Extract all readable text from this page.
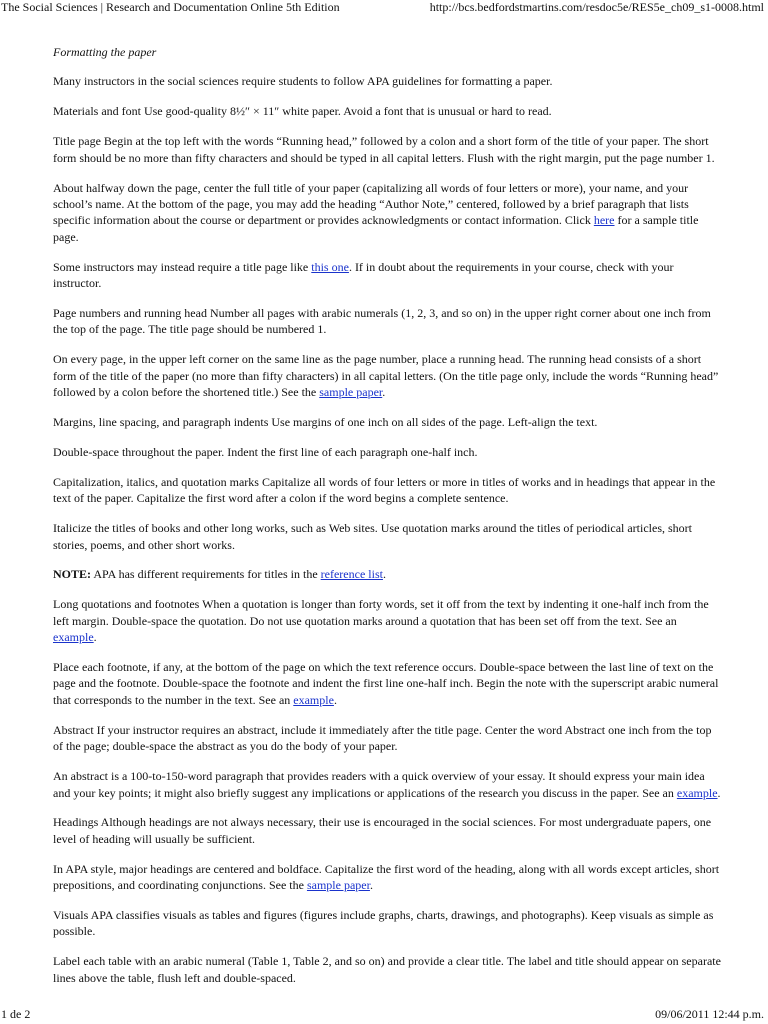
The Social Sciences | Research and Documentation Online 5th Edition	http://bcs.bedfordstmartins.com/resdoc5e/RES5e_ch09_s1-0008.html

Formatting the paper

Many instructors in the social sciences require students to follow APA guidelines for formatting a paper.

Materials and font Use good-quality 8½″ × 11″ white paper. Avoid a font that is unusual or hard to read.

Title page Begin at the top left with the words “Running head,” followed by a colon and a short form of the title of your paper. The short form should be no more than fifty characters and should be typed in all capital letters. Flush with the right margin, put the page number 1.

About halfway down the page, center the full title of your paper (capitalizing all words of four letters or more), your name, and your school’s name. At the bottom of the page, you may add the heading “Author Note,” centered, followed by a brief paragraph that lists specific information about the course or department or provides acknowledgments or contact information. Click here for a sample title page.

Some instructors may instead require a title page like this one. If in doubt about the requirements in your course, check with your instructor.

Page numbers and running head Number all pages with arabic numerals (1, 2, 3, and so on) in the upper right corner about one inch from the top of the page. The title page should be numbered 1.

On every page, in the upper left corner on the same line as the page number, place a running head. The running head consists of a short form of the title of the paper (no more than fifty characters) in all capital letters. (On the title page only, include the words “Running head” followed by a colon before the shortened title.) See the sample paper.

Margins, line spacing, and paragraph indents Use margins of one inch on all sides of the page. Left-align the text.

Double-space throughout the paper. Indent the first line of each paragraph one-half inch.

Capitalization, italics, and quotation marks Capitalize all words of four letters or more in titles of works and in headings that appear in the text of the paper. Capitalize the first word after a colon if the word begins a complete sentence.

Italicize the titles of books and other long works, such as Web sites. Use quotation marks around the titles of periodical articles, short stories, poems, and other short works.

NOTE: APA has different requirements for titles in the reference list.

Long quotations and footnotes When a quotation is longer than forty words, set it off from the text by indenting it one-half inch from the left margin. Double-space the quotation. Do not use quotation marks around a quotation that has been set off from the text. See an example.

Place each footnote, if any, at the bottom of the page on which the text reference occurs. Double-space between the last line of text on the page and the footnote. Double-space the footnote and indent the first line one-half inch. Begin the note with the superscript arabic numeral that corresponds to the number in the text. See an example.

Abstract If your instructor requires an abstract, include it immediately after the title page. Center the word Abstract one inch from the top of the page; double-space the abstract as you do the body of your paper.

An abstract is a 100-to-150-word paragraph that provides readers with a quick overview of your essay. It should express your main idea and your key points; it might also briefly suggest any implications or applications of the research you discuss in the paper. See an example.

Headings Although headings are not always necessary, their use is encouraged in the social sciences. For most undergraduate papers, one level of heading will usually be sufficient.

In APA style, major headings are centered and boldface. Capitalize the first word of the heading, along with all words except articles, short prepositions, and coordinating conjunctions. See the sample paper.

Visuals APA classifies visuals as tables and figures (figures include graphs, charts, drawings, and photographs). Keep visuals as simple as possible.

Label each table with an arabic numeral (Table 1, Table 2, and so on) and provide a clear title. The label and title should appear on separate lines above the table, flush left and double-spaced.

1 de 2	09/06/2011 12:44 p.m.
